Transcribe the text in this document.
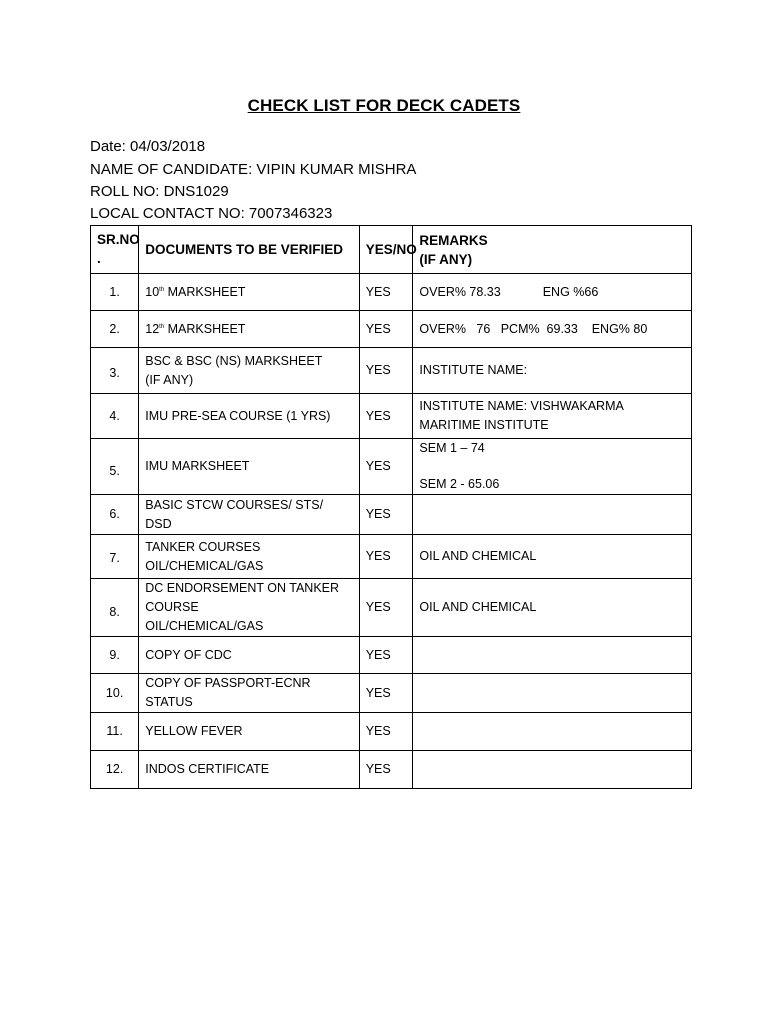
CHECK LIST FOR DECK CADETS
Date: 04/03/2018
NAME OF CANDIDATE: VIPIN KUMAR MISHRA
ROLL NO: DNS1029
LOCAL CONTACT NO: 7007346323
SR.NO
.	DOCUMENTS TO BE VERIFIED	YES/NO	REMARKS
(IF ANY)

1.	10th MARKSHEET	YES	OVER% 78.33 ENG %66

2.	12th MARKSHEET	YES	OVER%   76   PCM%  69.33    ENG% 80

3.	BSC & BSC (NS) MARKSHEET
(IF ANY)	YES	INSTITUTE NAME:

4.	IMU PRE-SEA COURSE (1 YRS)	YES	INSTITUTE NAME: VISHWAKARMA
MARITIME INSTITUTE

5.	IMU MARKSHEET	YES	SEM 1 – 74
SEM 2 - 65.06

6.	BASIC STCW COURSES/ STS/
DSD	YES	

7.	TANKER COURSES
OIL/CHEMICAL/GAS	YES	OIL AND CHEMICAL

8.	DC ENDORSEMENT ON TANKER
COURSE
OIL/CHEMICAL/GAS	YES	OIL AND CHEMICAL

9.	COPY OF CDC	YES	

10.	COPY OF PASSPORT-ECNR
STATUS	YES	

11.	YELLOW FEVER	YES	

12.	INDOS CERTIFICATE	YES	
